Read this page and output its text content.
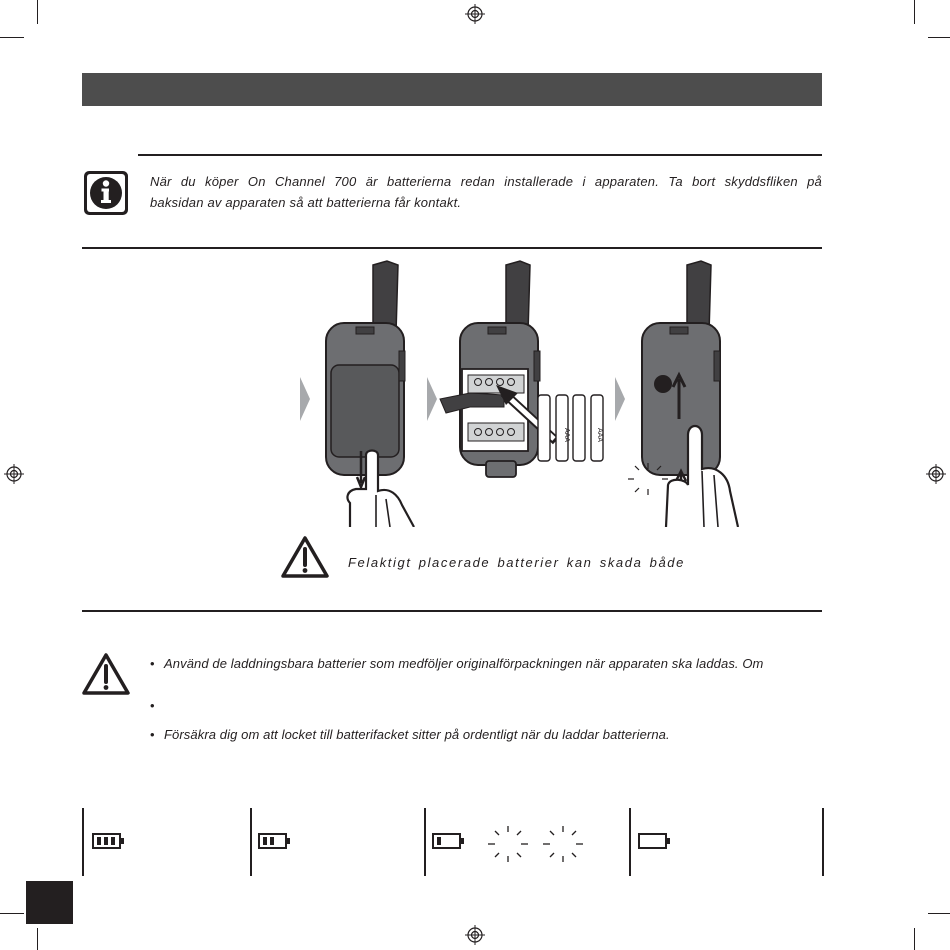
När du köper On Channel 700 är batterierna redan installerade i apparaten. Ta bort skyddsfliken på
baksidan av apparaten så att batterierna får kontakt.
AAA	AAA
Felaktigt placerade batterier kan skada både
• Använd de laddningsbara batterier som medföljer originalförpackningen när apparaten ska laddas. Om
•
• Försäkra dig om att locket till batterifacket sitter på ordentligt när du laddar batterierna.
